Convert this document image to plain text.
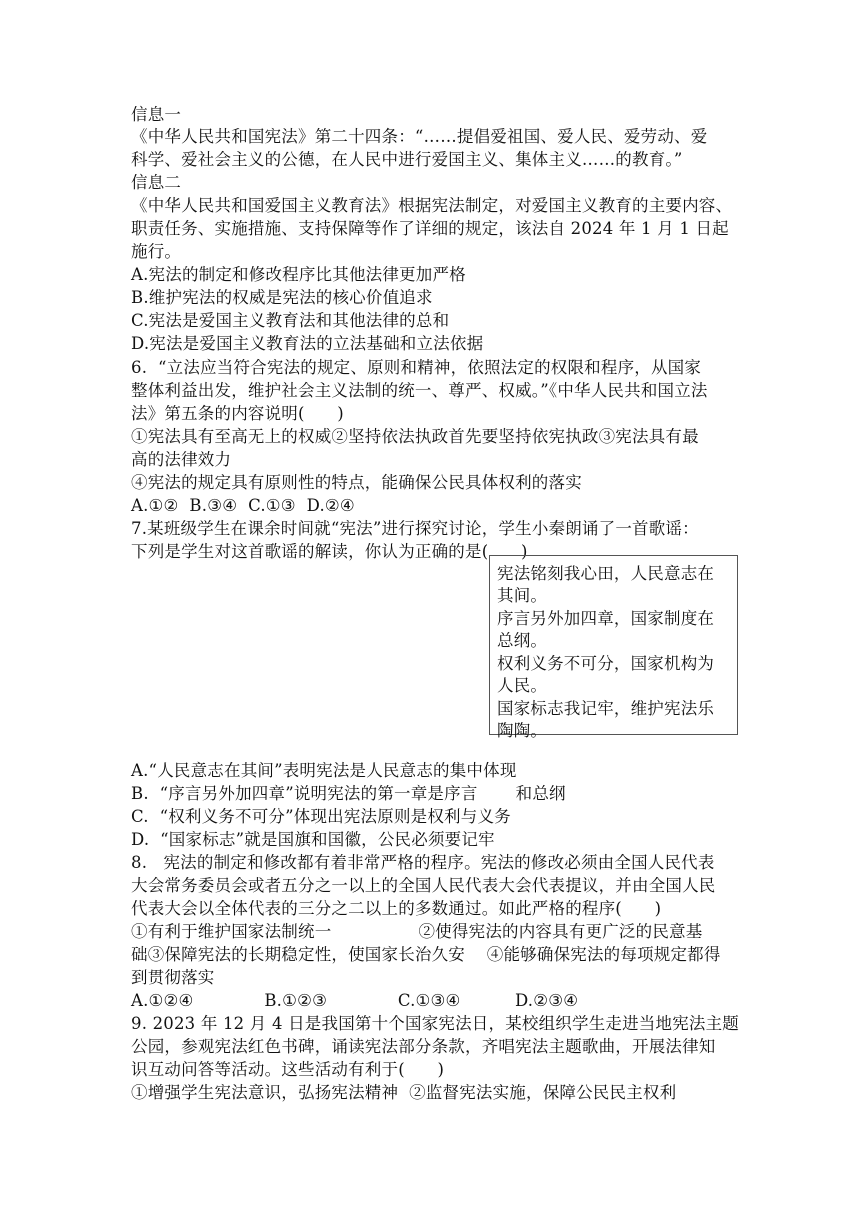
信息一
《中华人民共和国宪法》第二十四条：“……提倡爱祖国、爱人民、爱劳动、爱
科学、爱社会主义的公德，在人民中进行爱国主义、集体主义……的教育。”
信息二
《中华人民共和国爱国主义教育法》根据宪法制定，对爱国主义教育的主要内容、
职责任务、实施措施、支持保障等作了详细的规定，该法自 2024 年 1 月 1 日起
施行。
A.宪法的制定和修改程序比其他法律更加严格
B.维护宪法的权威是宪法的核心价值追求
C.宪法是爱国主义教育法和其他法律的总和
D.宪法是爱国主义教育法的立法基础和立法依据
6.  “立法应当符合宪法的规定、原则和精神，依照法定的权限和程序，从国家
整体利益出发，维护社会主义法制的统一、尊严、权威。”《中华人民共和国立法
法》第五条的内容说明(      )
①宪法具有至高无上的权威②坚持依法执政首先要坚持依宪执政③宪法具有最
高的法律效力
④宪法的规定具有原则性的特点，能确保公民具体权利的落实
A.①②  B.③④  C.①③  D.②④
7.某班级学生在课余时间就“宪法”进行探究讨论，学生小秦朗诵了一首歌谣：
下列是学生对这首歌谣的解读，你认为正确的是(      )
宪法铭刻我心田，人民意志在
其间。
序言另外加四章，国家制度在
总纲。
权利义务不可分，国家机构为
人民。
国家标志我记牢，维护宪法乐
陶陶。
A.“人民意志在其间”表明宪法是人民意志的集中体现
B.  “序言另外加四章”说明宪法的第一章是序言       和总纲
C.  “权利义务不可分”体现出宪法原则是权利与义务
D.  “国家标志”就是国旗和国徽，公民必须要记牢
8.   宪法的制定和修改都有着非常严格的程序。宪法的修改必须由全国人民代表
大会常务委员会或者五分之一以上的全国人民代表大会代表提议，并由全国人民
代表大会以全体代表的三分之二以上的多数通过。如此严格的程序(      )
①有利于维护国家法制统一                ②使得宪法的内容具有更广泛的民意基
础③保障宪法的长期稳定性，使国家长治久安    ④能够确保宪法的每项规定都得
到贯彻落实
A.①②④             B.①②③             C.①③④          D.②③④
9. 2023 年 12 月 4 日是我国第十个国家宪法日，某校组织学生走进当地宪法主题
公园，参观宪法红色书碑，诵读宪法部分条款，齐唱宪法主题歌曲，开展法律知
识互动问答等活动。这些活动有利于(      )
①增强学生宪法意识，弘扬宪法精神  ②监督宪法实施，保障公民民主权利
